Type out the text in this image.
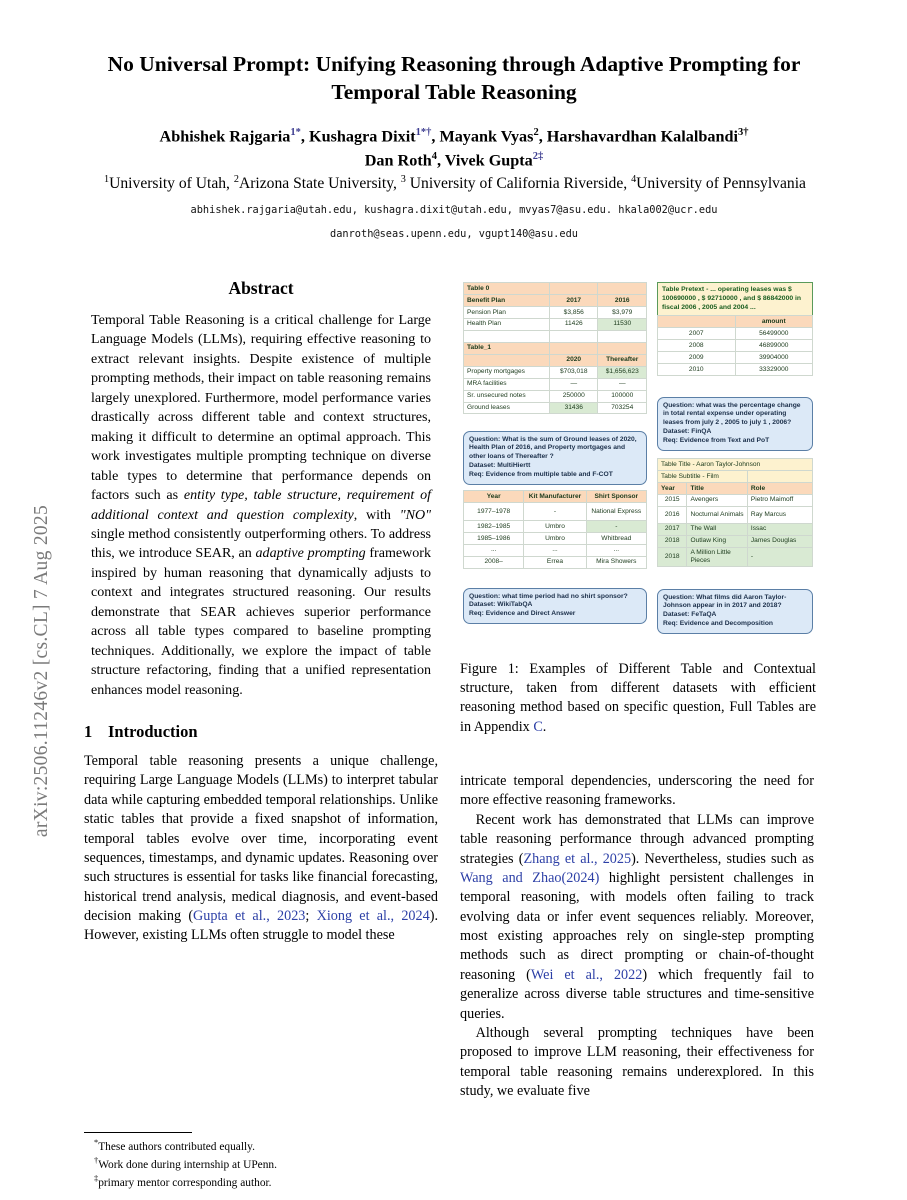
arXiv:2506.11246v2 [cs.CL] 7 Aug 2025
No Universal Prompt: Unifying Reasoning through Adaptive Prompting for
Temporal Table Reasoning
Abhishek Rajgaria$^{1*}$, Kushagra Dixit$^{1*\dagger}$, Mayank Vyas$^2$, Harshavardhan Kalalbandi$^{3\dagger}$
Dan Roth$^4$, Vivek Gupta$^{2\ddagger}$
$^1$University of Utah, $^2$Arizona State University, $^3$ University of California Riverside, $^4$University of Pennsylvania
abhishek.rajgaria@utah.edu, kushagra.dixit@utah.edu, mvyas7@asu.edu. hkala002@ucr.edu
danroth@seas.upenn.edu, vgupt140@asu.edu
Abstract

Temporal Table Reasoning is a critical challenge for Large Language Models (LLMs), requiring effective reasoning to extract relevant insights. Despite existence of multiple prompting methods, their impact on table reasoning remains largely unexplored. Furthermore, model performance varies drastically across different table and context structures, making it difficult to determine an optimal approach. This work investigates multiple prompting technique on diverse table types to determine that performance depends on factors such as entity type, table structure, requirement of additional context and question complexity, with "NO" single method consistently outperforming others. To address this, we introduce SEAR, an adaptive prompting framework inspired by human reasoning that dynamically adjusts to context and integrates structured reasoning. Our results demonstrate that SEAR achieves superior performance across all table types compared to baseline prompting techniques. Additionally, we explore the impact of table structure refactoring, finding that a unified representation enhances model reasoning.

1 Introduction

Temporal table reasoning presents a unique challenge, requiring Large Language Models (LLMs) to interpret tabular data while capturing embedded temporal relationships. Unlike static tables that provide a fixed snapshot of information, temporal tables evolve over time, incorporating event sequences, timestamps, and dynamic updates. Reasoning over such structures is essential for tasks like financial forecasting, historical trend analysis, medical diagnosis, and event-based decision making (Gupta et al., 2023; Xiong et al., 2024). However, existing LLMs often struggle to model these

*These authors contributed equally.
†Work done during internship at UPenn.
‡primary mentor corresponding author.
Table 0		
Benefit Plan	2017	2016
Pension Plan	$3,856	$3,979
Health Plan	11426	11530

Table_1		
	2020	Thereafter
Property mortgages	$703,018	$1,656,623
MRA facilities	—	—
Sr. unsecured notes	250000	100000
Ground leases	31436	703254
Question: What is the sum of Ground leases of 2020, Health Plan of 2016, and Property mortgages and other loans of Thereafter ?
Dataset: MultiHiertt
Req: Evidence from multiple table and F-COT
Year	Kit Manufacturer	Shirt Sponsor
1977–1978	-	National Express
1982–1985	Umbro	-
1985–1986	Umbro	Whitbread
...	...	...
2008–	Errea	Mira Showers
Question: what time period had no shirt sponsor?
Dataset: WikiTabQA
Req: Evidence and Direct Answer
Table Pretext - ... operating leases was $ 100690000 , $ 92710000 , and $ 86842000 in fiscal 2006 , 2005 and 2004 ...
	amount
2007	56499000
2008	46899000
2009	39904000
2010	33329000
Question: what was the percentage change in total rental expense under operating leases from july 2 , 2005 to july 1 , 2006?
Dataset: FinQA
Req: Evidence from Text and PoT
Table Title - Aaron Taylor-Johnson		
Table Subtitle - Film		
Year	Title	Role
2015	Avengers	Pietro Maimoff
2016	Nocturnal Animals	Ray Marcus
2017	The Wall	Issac
2018	Outlaw King	James Douglas
2018	A Million Little Pieces	-
Question: What films did Aaron Taylor-Johnson appear in in 2017 and 2018?
Dataset: FeTaQA
Req: Evidence and Decomposition
Figure 1: Examples of Different Table and Contextual structure, taken from different datasets with efficient reasoning method based on specific question, Full Tables are in Appendix C.

intricate temporal dependencies, underscoring the need for more effective reasoning frameworks.

Recent work has demonstrated that LLMs can improve table reasoning performance through advanced prompting strategies (Zhang et al., 2025). Nevertheless, studies such as Wang and Zhao(2024) highlight persistent challenges in temporal reasoning, with models often failing to track evolving data or infer event sequences reliably. Moreover, most existing approaches rely on single-step prompting methods such as direct prompting or chain-of-thought reasoning (Wei et al., 2022) which frequently fail to generalize across diverse table structures and time-sensitive queries.

Although several prompting techniques have been proposed to improve LLM reasoning, their effectiveness for temporal table reasoning remains underexplored. In this study, we evaluate five
